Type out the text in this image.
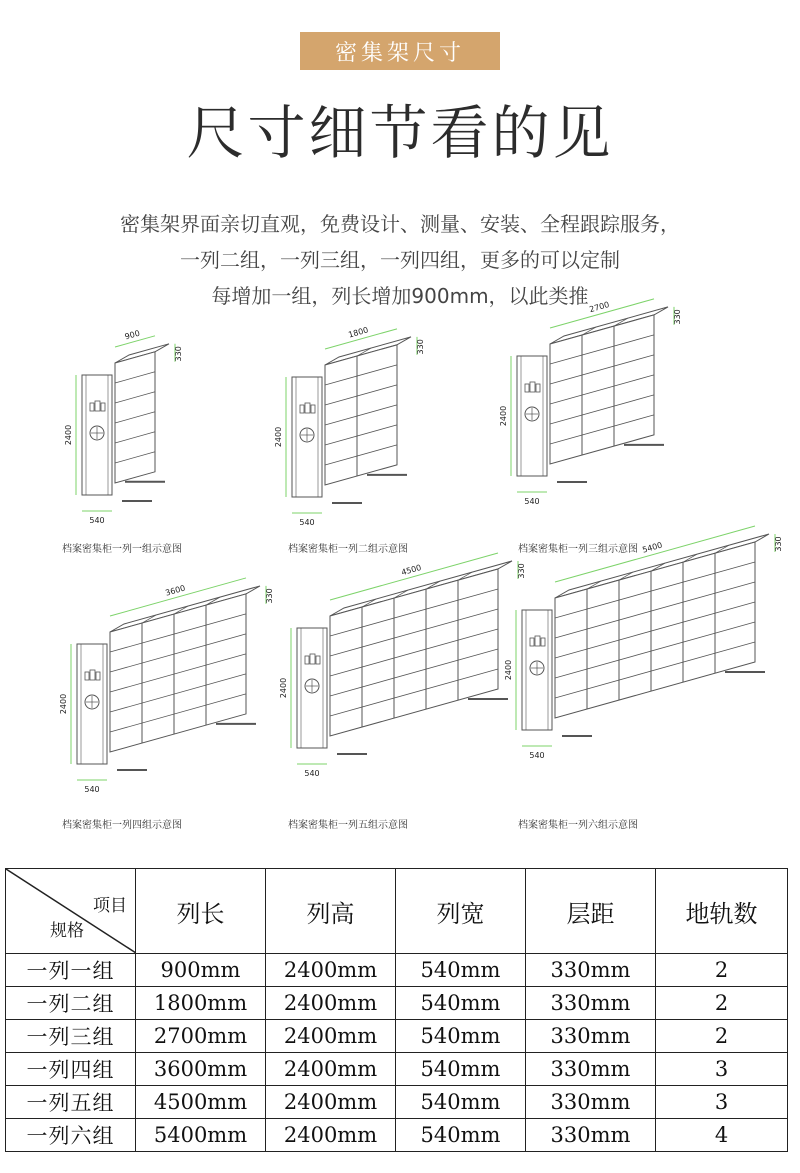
密集架尺寸
尺寸细节看的见
密集架界面亲切直观，免费设计、测量、安装、全程跟踪服务，
一列二组，一列三组，一列四组，更多的可以定制
每增加一组，列长增加900mm，以此类推
2400
540
900
330
2400
540
1800
330
2400
540
2700
330
2400
540
3600	330
2400
540
4500	330
2400
540
5400	330
档案密集柜一列一组示意图	档案密集柜一列二组示意图	档案密集柜一列三组示意图
档案密集柜一列四组示意图	档案密集柜一列五组示意图	档案密集柜一列六组示意图
项目
规格	列长	列高	列宽	层距	地轨数
一列一组	900mm	2400mm	540mm	330mm	2
一列二组	1800mm	2400mm	540mm	330mm	2
一列三组	2700mm	2400mm	540mm	330mm	2
一列四组	3600mm	2400mm	540mm	330mm	3
一列五组	4500mm	2400mm	540mm	330mm	3
一列六组	5400mm	2400mm	540mm	330mm	4
